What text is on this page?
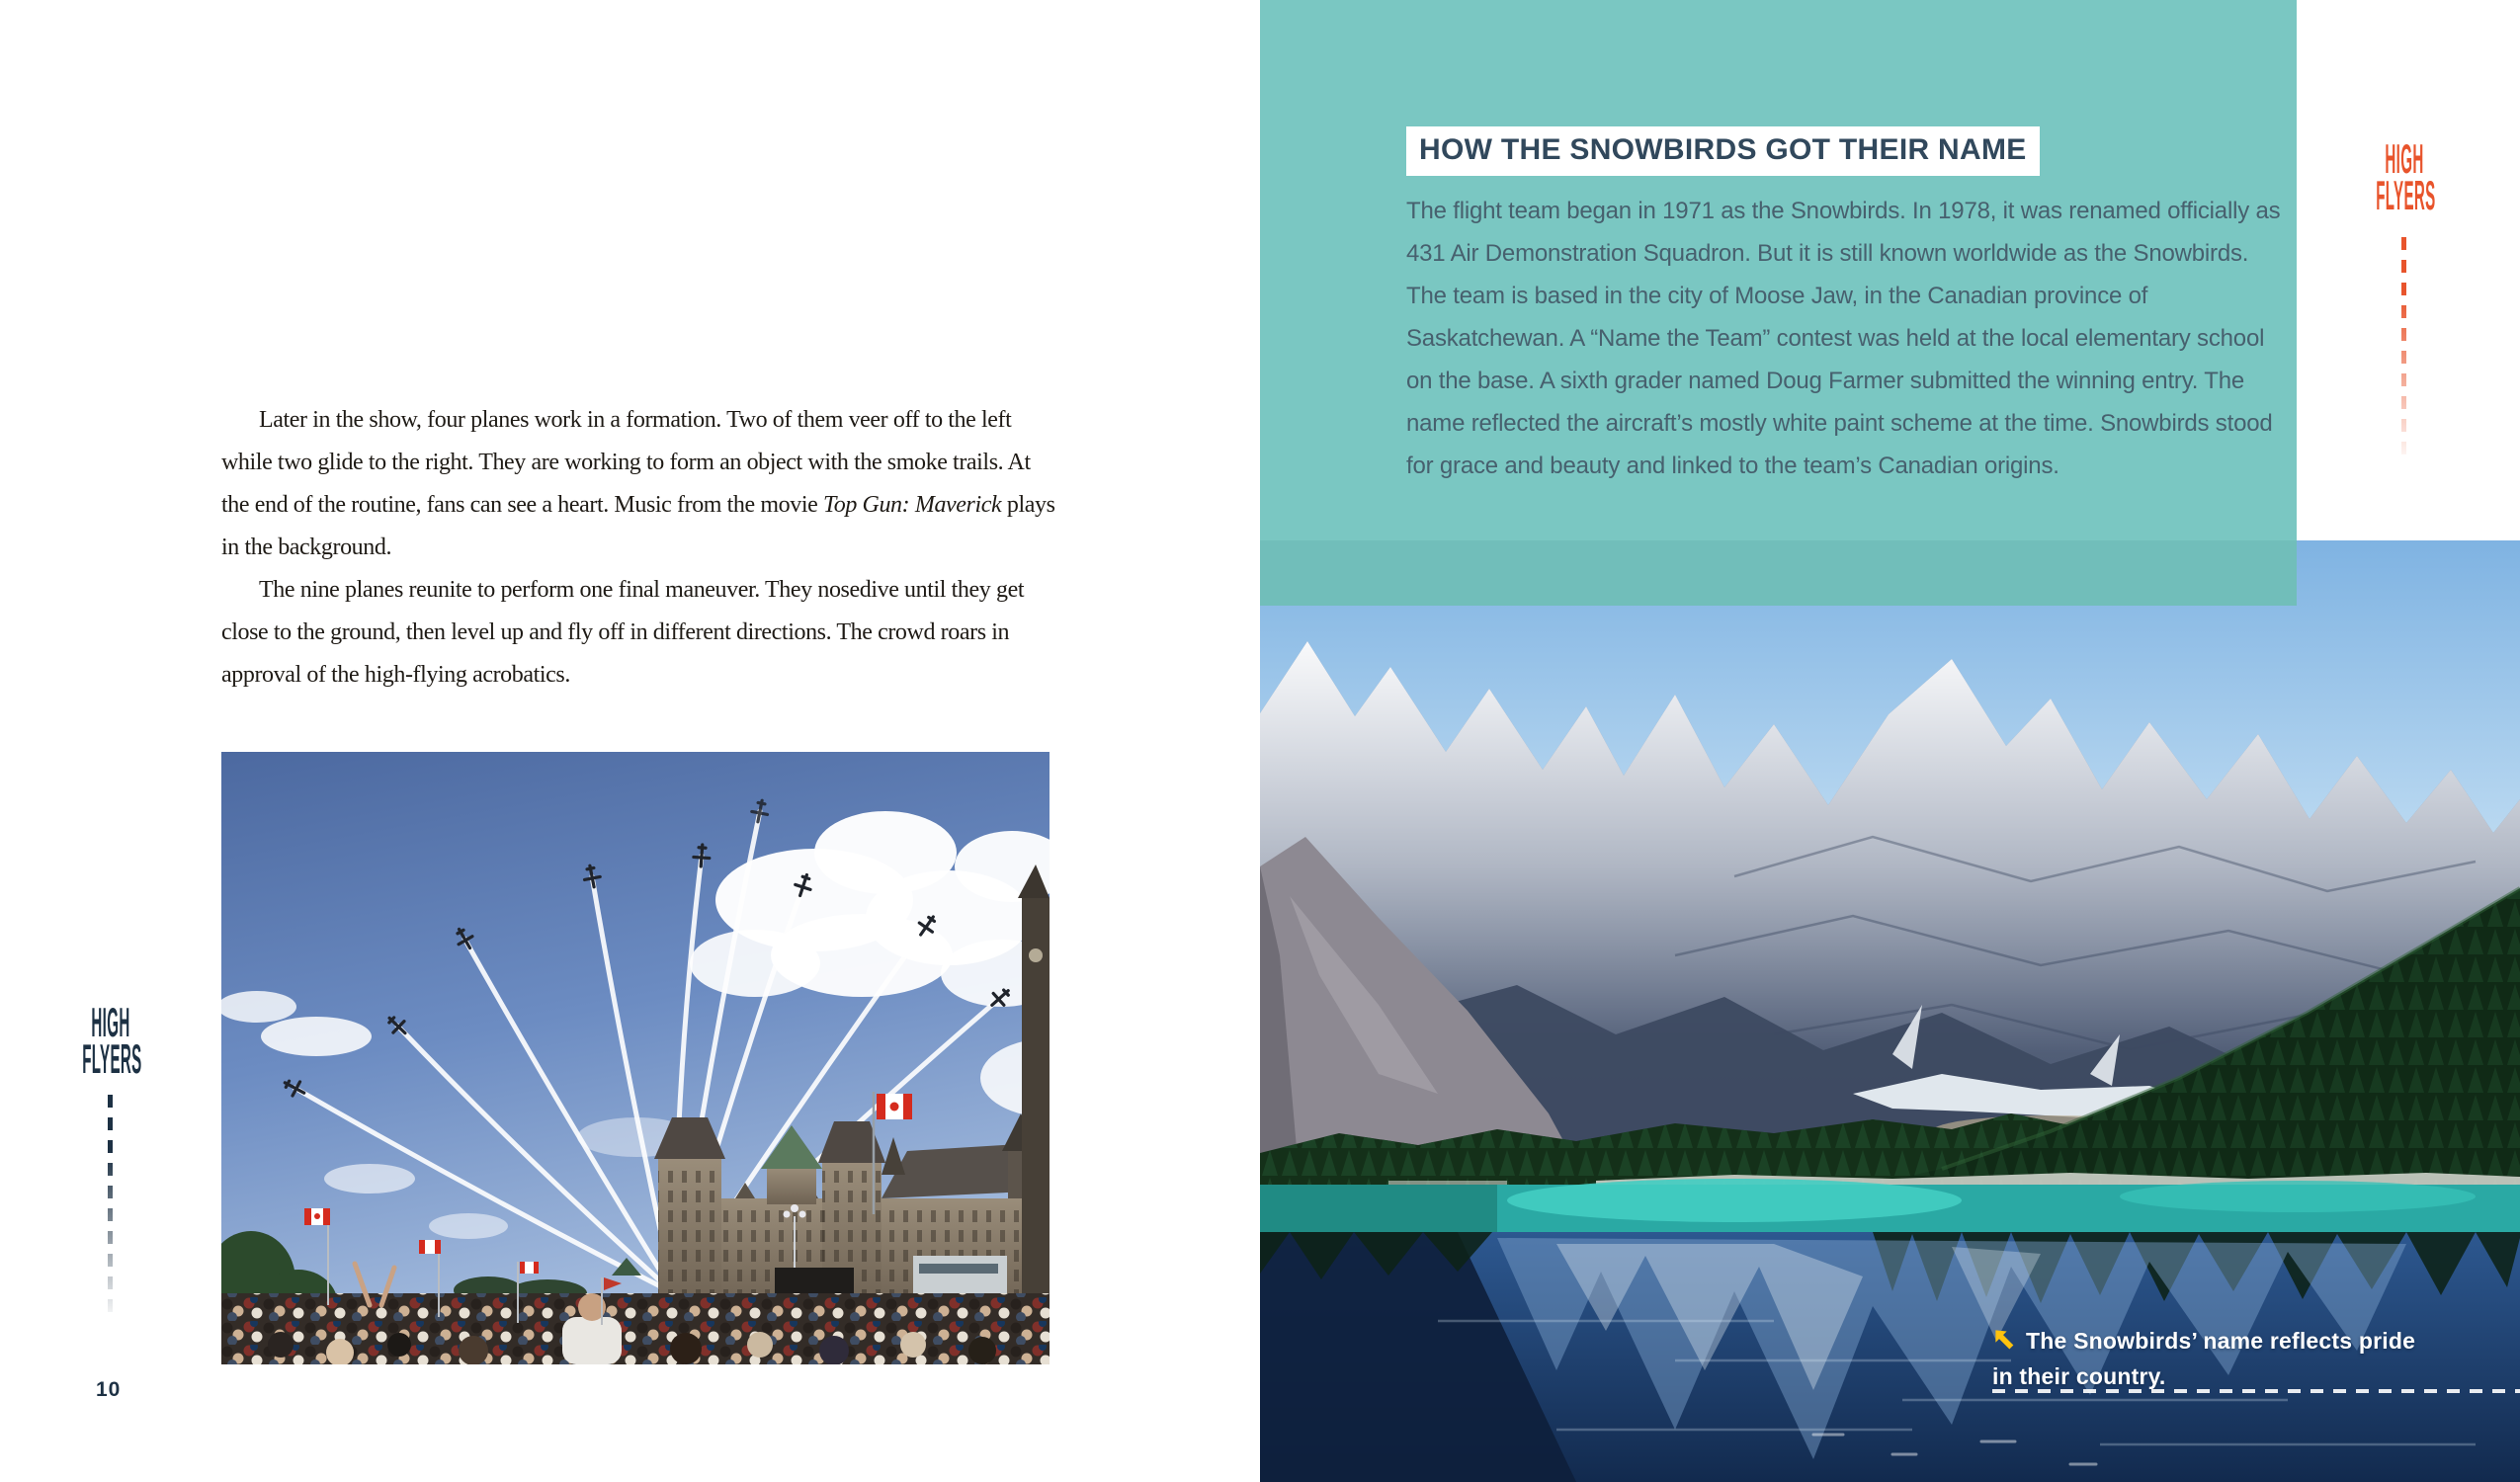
Later in the show, four planes work in a formation. Two of them veer off to the left while two glide to the right. They are working to form an object with the smoke trails. At the end of the routine, fans can see a heart. Music from the movie Top Gun: Maverick plays in the background.

The nine planes reunite to perform one final maneuver. They nosedive until they get close to the ground, then level up and fly off in different directions. The crowd roars in approval of the high-flying acrobatics.

HIGH
FLYERS
10
HOW THE SNOWBIRDS GOT THEIR NAME

The flight team began in 1971 as the Snowbirds. In 1978, it was renamed officially as 431 Air Demonstration Squadron. But it is still known worldwide as the Snowbirds. The team is based in the city of Moose Jaw, in the Canadian province of Saskatchewan. A “Name the Team” contest was held at the local elementary school on the base. A sixth grader named Doug Farmer submitted the winning entry. The name reflected the aircraft’s mostly white paint scheme at the time. Snowbirds stood for grace and beauty and linked to the team’s Canadian origins.

The Snowbirds’ name reflects pride in their country.
HIGH
FLYERS
